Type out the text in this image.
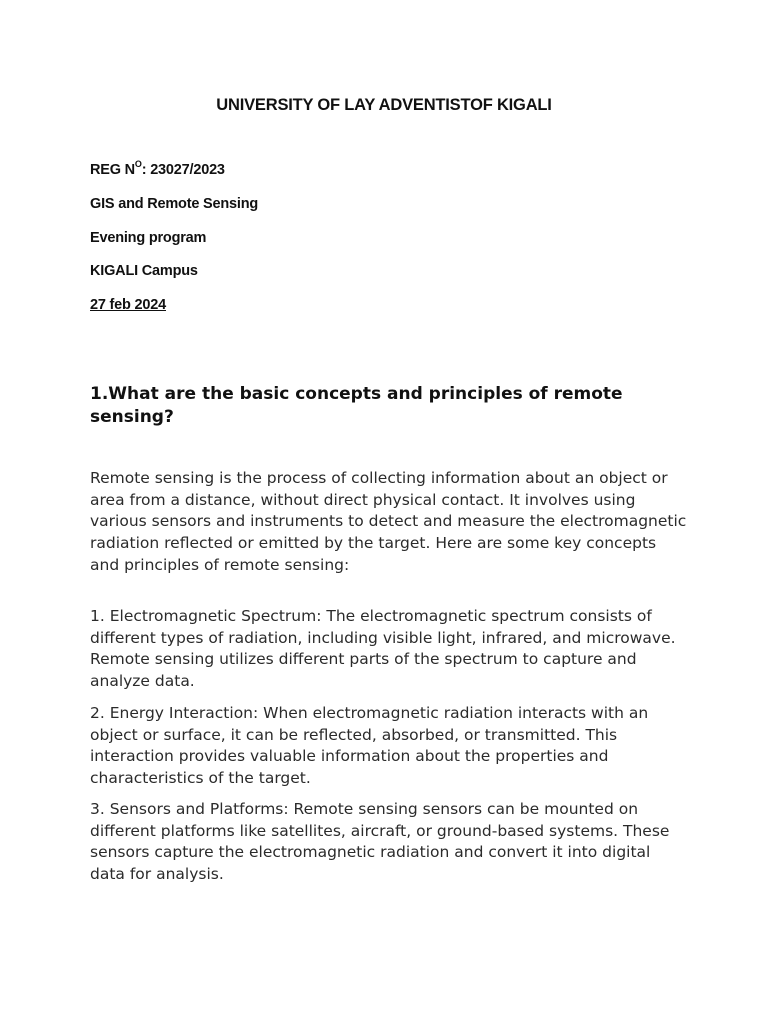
UNIVERSITY OF LAY ADVENTISTOF KIGALI

REG $N^O$: 23027/2023

GIS and Remote Sensing

Evening program

KIGALI Campus

27 feb 2024

1.What are the basic concepts and principles of remote sensing?

Remote sensing is the process of collecting information about an object or area from a distance, without direct physical contact. It involves using various sensors and instruments to detect and measure the electromagnetic radiation reflected or emitted by the target. Here are some key concepts and principles of remote sensing:

1. Electromagnetic Spectrum: The electromagnetic spectrum consists of different types of radiation, including visible light, infrared, and microwave. Remote sensing utilizes different parts of the spectrum to capture and analyze data.

2. Energy Interaction: When electromagnetic radiation interacts with an object or surface, it can be reflected, absorbed, or transmitted. This interaction provides valuable information about the properties and characteristics of the target.

3. Sensors and Platforms: Remote sensing sensors can be mounted on different platforms like satellites, aircraft, or ground-based systems. These sensors capture the electromagnetic radiation and convert it into digital data for analysis.
